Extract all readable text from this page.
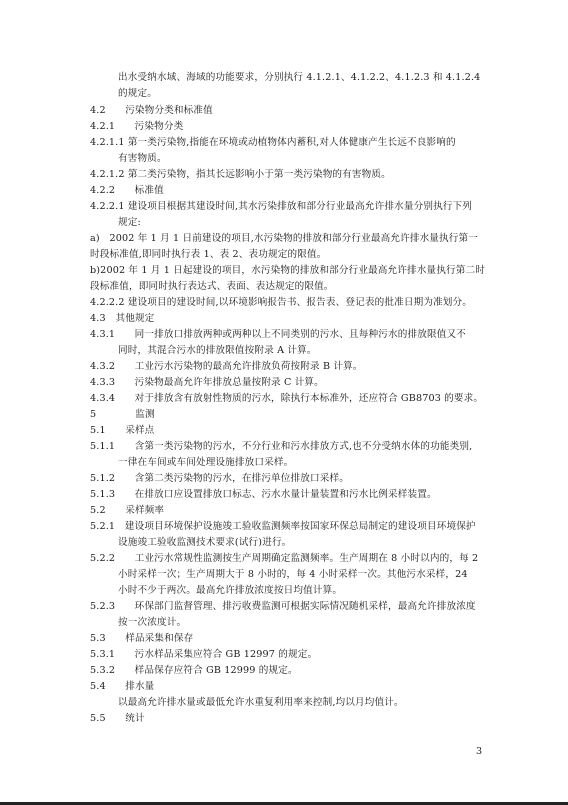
出水受纳水域、海域的功能要求，分别执行 4.1.2.1、4.1.2.2、4.1.2.3 和 4.1.2.4
的规定。
4.2　　污染物分类和标准值
4.2.1　　污染物分类
4.2.1.1 第一类污染物,指能在环境或动植物体内蓄积,对人体健康产生长远不良影响的
有害物质。
4.2.1.2 第二类污染物，指其长远影响小于第一类污染物的有害物质。
4.2.2　　标准值
4.2.2.1 建设项目根据其建设时间,其水污染排放和部分行业最高允许排水量分别执行下列
规定:
a)　2002 年 1 月 1 日前建设的项目,水污染物的排放和部分行业最高允许排水量执行第一
时段标准值,即同时执行表 1、表 2、表功规定的限值。
b)2002 年 1 月 1 日起建设的项目，水污染物的排放和部分行业最高允许排水量执行第二时
段标准值，即同时执行表达式、表面、表达规定的限值。
4.2.2.2 建设项目的建设时间,以环境影响报告书、报告表、登记表的批准日期为准划分。
4.3　其他规定
4.3.1　　同一排放口排放两种或两种以上不同类别的污水、且每种污水的排放限值又不
同时，其混合污水的排放限值按附录 A 计算。
4.3.2　　工业污水污染物的最高允许排放负荷按附录 B 计算。
4.3.3　　污染物最高允许年排放总量按附录 C 计算。
4.3.4　　对于排放含有放射性物质的污水，除执行本标准外，还应符合 GB8703 的要求。
5　　　　监测
5.1　　采样点
5.1.1　　含第一类污染物的污水，不分行业和污水排放方式,也不分受纳水体的功能类别,
一律在车间或车间处理设施排放口采样。
5.1.2　　含第二类污染物的污水，在排污单位排放口采样。
5.1.3　　在排放口应设置排放口标志、污水水量计量装置和污水比例采样装置。
5.2　　采样频率
5.2.1　建设项目环境保护设施竣工验收监测频率按国家环保总局制定的建设项目环境保护
设施竣工验收监测技术要求(试行)进行。
5.2.2　　工业污水常规性监测按生产周期确定监测频率。生产周期在 8 小时以内的，每 2
小时采样一次；生产周期大于 8 小时的，每 4 小时采样一次。其他污水采样，24
小时不少于两次。最高允许排放浓度按日均值计算。
5.2.3　　环保部门监督管理、排污收费监测可根据实际情况随机采样，最高允许排放浓度
按一次浓度计。
5.3　　样品采集和保存
5.3.1　　污水样品采集应符合 GB 12997 的规定。
5.3.2　　样品保存应符合 GB 12999 的规定。
5.4　　排水量
以最高允许排水量或最低允许水重复利用率来控制,均以月均值计。
5.5　　统计
3
